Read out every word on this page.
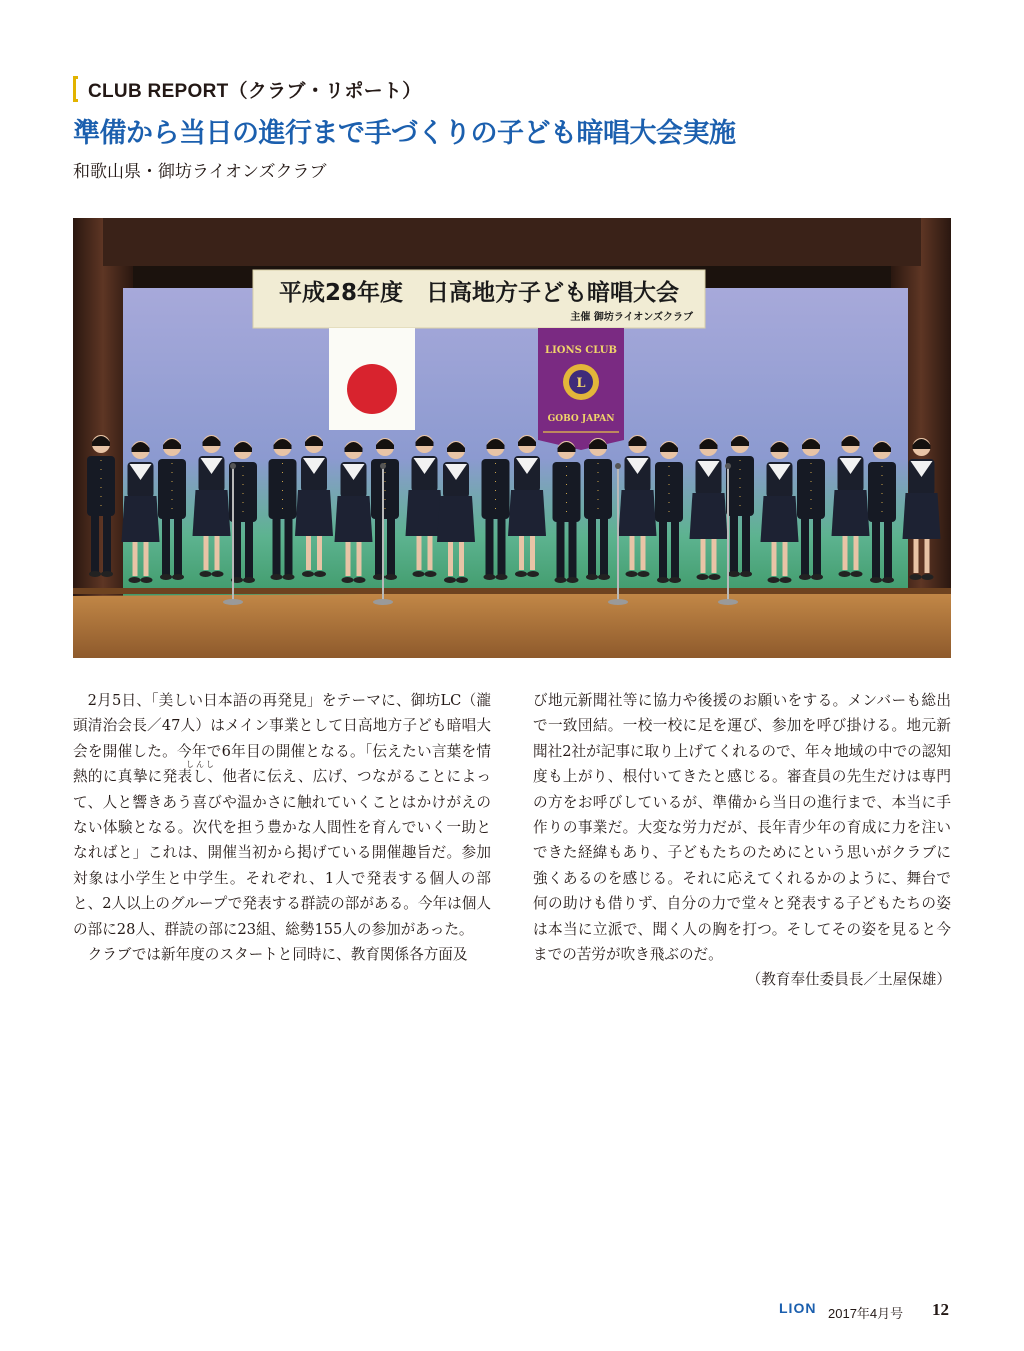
CLUB REPORT（クラブ・リポート）
準備から当日の進行まで手づくりの子ども暗唱大会実施
和歌山県・御坊ライオンズクラブ
平成28年度　日高地方子ども暗唱大会
主催 御坊ライオンズクラブ
LIONS CLUB
L
GOBO JAPAN

2月5日、「美しい日本語の再発見」をテーマに、御坊LC（瀧頭清治会長／47人）はメイン事業として日高地方子ども暗唱大会を開催した。今年で6年目の開催となる。「伝えたい言葉を情熱的に真摯に発表し、他者に伝え、広げ、つながることによって、人と響きあう喜びや温かさに触れていくことはかけがえのない体験となる。次代を担う豊かな人間性を育んでいく一助となればと」これは、開催当初から掲げている開催趣旨だ。参加対象は小学生と中学生。それぞれ、1人で発表する個人の部と、2人以上のグループで発表する群読の部がある。今年は個人の部に28人、群読の部に23組、総勢155人の参加があった。

クラブでは新年度のスタートと同時に、教育関係各方面及

しんし

び地元新聞社等に協力や後援のお願いをする。メンバーも総出で一致団結。一校一校に足を運び、参加を呼び掛ける。地元新聞社2社が記事に取り上げてくれるので、年々地域の中での認知度も上がり、根付いてきたと感じる。審査員の先生だけは専門の方をお呼びしているが、準備から当日の進行まで、本当に手作りの事業だ。大変な労力だが、長年青少年の育成に力を注いできた経緯もあり、子どもたちのためにという思いがクラブに強くあるのを感じる。それに応えてくれるかのように、舞台で何の助けも借りず、自分の力で堂々と発表する子どもたちの姿は本当に立派で、聞く人の胸を打つ。そしてその姿を見ると今までの苦労が吹き飛ぶのだ。

（教育奉仕委員長／土屋保雄）

LION 2017年4月号 12
